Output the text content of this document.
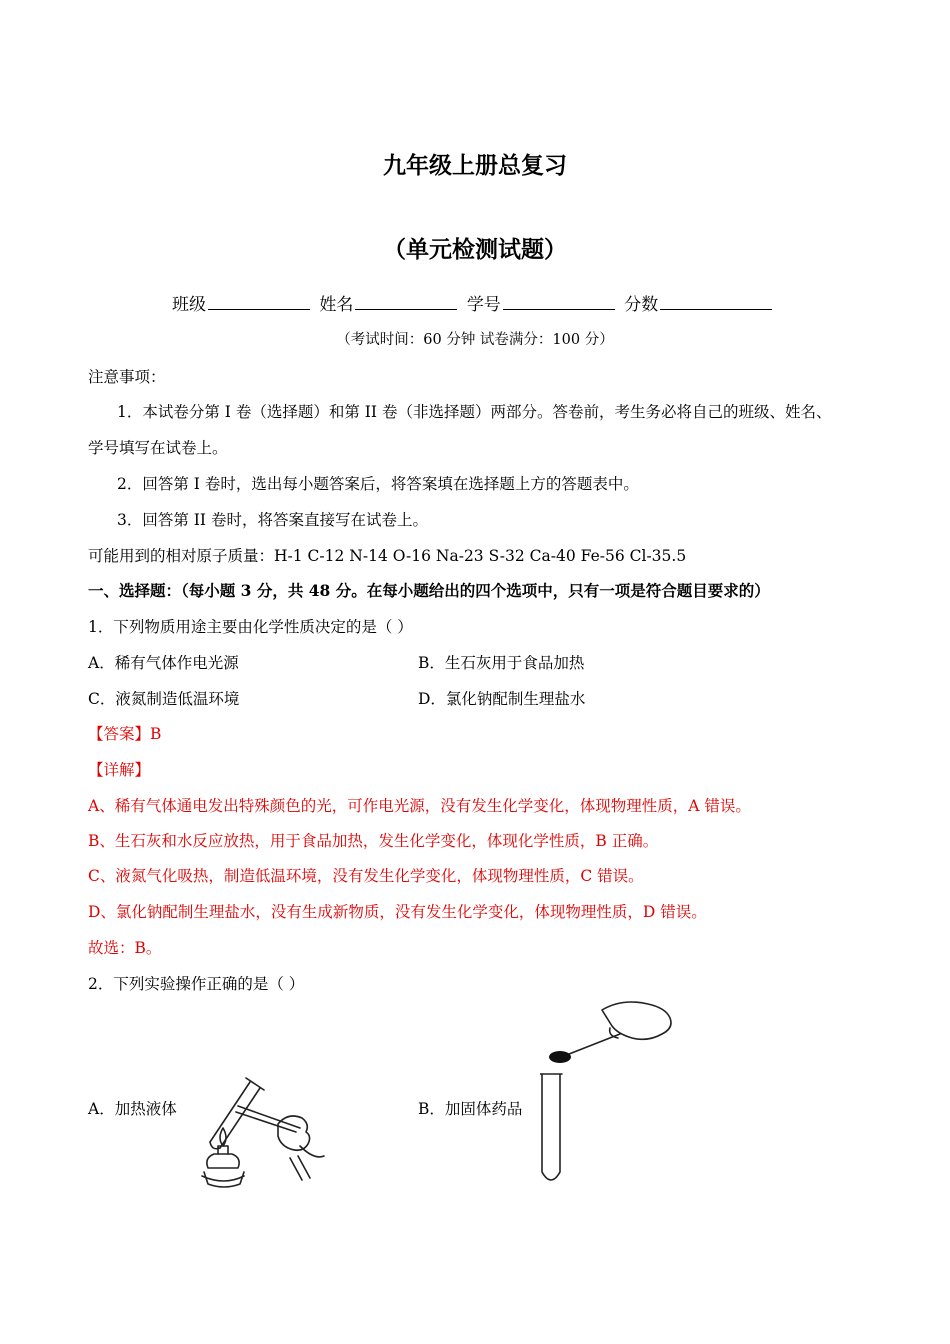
九年级上册总复习
（单元检测试题）
班级	姓名	学号	分数
（考试时间：60 分钟 试卷满分：100 分）
注意事项：
1．本试卷分第 I 卷（选择题）和第 II 卷（非选择题）两部分。答卷前，考生务必将自己的班级、姓名、
学号填写在试卷上。
2．回答第 I 卷时，选出每小题答案后，将答案填在选择题上方的答题表中。
3．回答第 II 卷时，将答案直接写在试卷上。
可能用到的相对原子质量：H-1 C-12 N-14 O-16 Na-23 S-32 Ca-40 Fe-56 Cl-35.5
一、选择题：（每小题 3 分，共 48 分。在每小题给出的四个选项中，只有一项是符合题目要求的）
1．下列物质用途主要由化学性质决定的是（ ）
A．稀有气体作电光源	B．生石灰用于食品加热
C．液氮制造低温环境	D．氯化钠配制生理盐水
【答案】B
【详解】
A、稀有气体通电发出特殊颜色的光，可作电光源，没有发生化学变化，体现物理性质，A 错误。
B、生石灰和水反应放热，用于食品加热，发生化学变化，体现化学性质，B 正确。
C、液氮气化吸热，制造低温环境，没有发生化学变化，体现物理性质，C 错误。
D、氯化钠配制生理盐水，没有生成新物质，没有发生化学变化，体现物理性质，D 错误。
故选：B。
2．下列实验操作正确的是（ ）
A．加热液体	B．加固体药品
